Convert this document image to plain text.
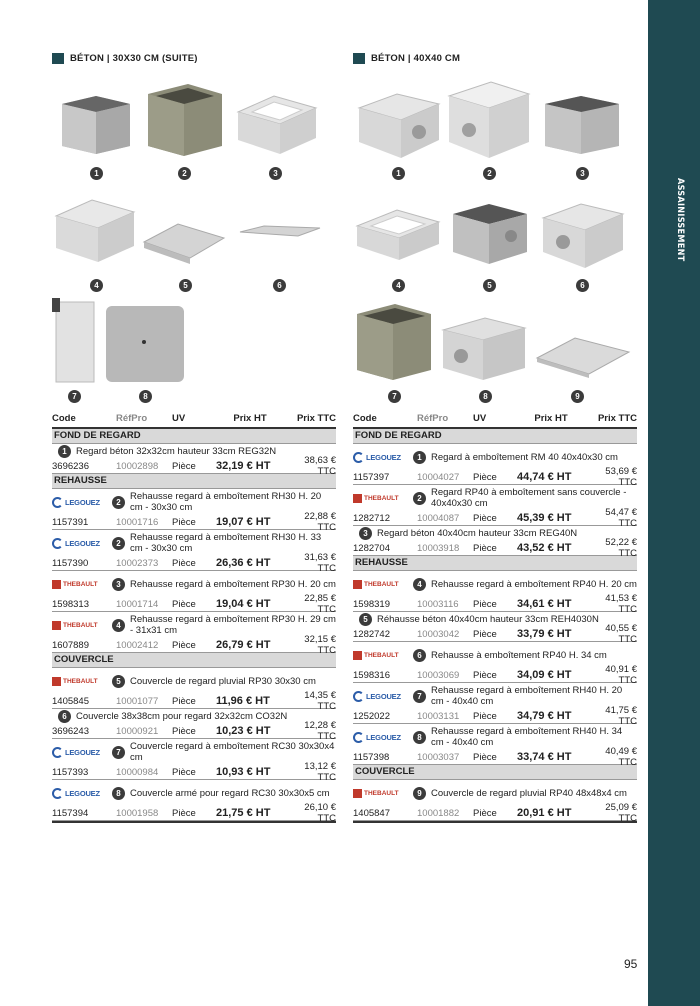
ASSAINISSEMENT
BÉTON | 30X30 CM (SUITE)
1	2	3
4	5	6
7	8
Code	RéfPro	UV	Prix HT	Prix TTC
FOND DE REGARD
1 Regard béton 32x32cm hauteur 33cm REG32N
3696236	10002898	Pièce	32,19 € HT	38,63 € TTC
REHAUSSE
LEGOUEZ	2 Rehausse regard à emboîtement RH30 H. 20 cm - 30x30 cm
1157391	10001716	Pièce	19,07 € HT	22,88 € TTC
LEGOUEZ	2 Rehausse regard à emboîtement RH30 H. 33 cm - 30x30 cm
1157390	10002373	Pièce	26,36 € HT	31,63 € TTC
THEBAULT	3 Rehausse regard à emboîtement RP30 H. 20 cm
1598313	10001714	Pièce	19,04 € HT	22,85 € TTC
THEBAULT	4 Rehausse regard à emboîtement RP30 H. 29 cm - 31x31 cm
1607889	10002412	Pièce	26,79 € HT	32,15 € TTC
COUVERCLE
THEBAULT	5 Couvercle de regard pluvial RP30 30x30 cm
1405845	10001077	Pièce	11,96 € HT	14,35 € TTC
6 Couvercle 38x38cm pour regard 32x32cm CO32N
3696243	10000921	Pièce	10,23 € HT	12,28 € TTC
LEGOUEZ	7 Couvercle regard à emboîtement RC30 30x30x4 cm
1157393	10000984	Pièce	10,93 € HT	13,12 € TTC
LEGOUEZ	8 Couvercle armé pour regard RC30 30x30x5 cm
1157394	10001958	Pièce	21,75 € HT	26,10 € TTC
BÉTON | 40X40 CM
1	2	3
4	5	6
7	8	9
Code	RéfPro	UV	Prix HT	Prix TTC
FOND DE REGARD
LEGOUEZ	1 Regard à emboîtement RM 40 40x40x30 cm
1157397	10004027	Pièce	44,74 € HT	53,69 € TTC
THEBAULT	2 Regard RP40 à emboîtement sans couvercle - 40x40x30 cm
1282712	10004087	Pièce	45,39 € HT	54,47 € TTC
3 Regard béton 40x40cm hauteur 33cm REG40N
1282704	10003918	Pièce	43,52 € HT	52,22 € TTC
REHAUSSE
THEBAULT	4 Rehausse regard à emboîtement RP40 H. 20 cm
1598319	10003116	Pièce	34,61 € HT	41,53 € TTC
5 Réhausse béton 40x40cm hauteur 33cm REH4030N
1282742	10003042	Pièce	33,79 € HT	40,55 € TTC
THEBAULT	6 Rehausse à emboîtement RP40 H. 34 cm
1598316	10003069	Pièce	34,09 € HT	40,91 € TTC
LEGOUEZ	7 Rehausse regard à emboîtement RH40 H. 20 cm - 40x40 cm
1252022	10003131	Pièce	34,79 € HT	41,75 € TTC
LEGOUEZ	8 Rehausse regard à emboîtement RH40 H. 34 cm - 40x40 cm
1157398	10003037	Pièce	33,74 € HT	40,49 € TTC
COUVERCLE
THEBAULT	9 Couvercle de regard pluvial RP40 48x48x4 cm
1405847	10001882	Pièce	20,91 € HT	25,09 € TTC
95
